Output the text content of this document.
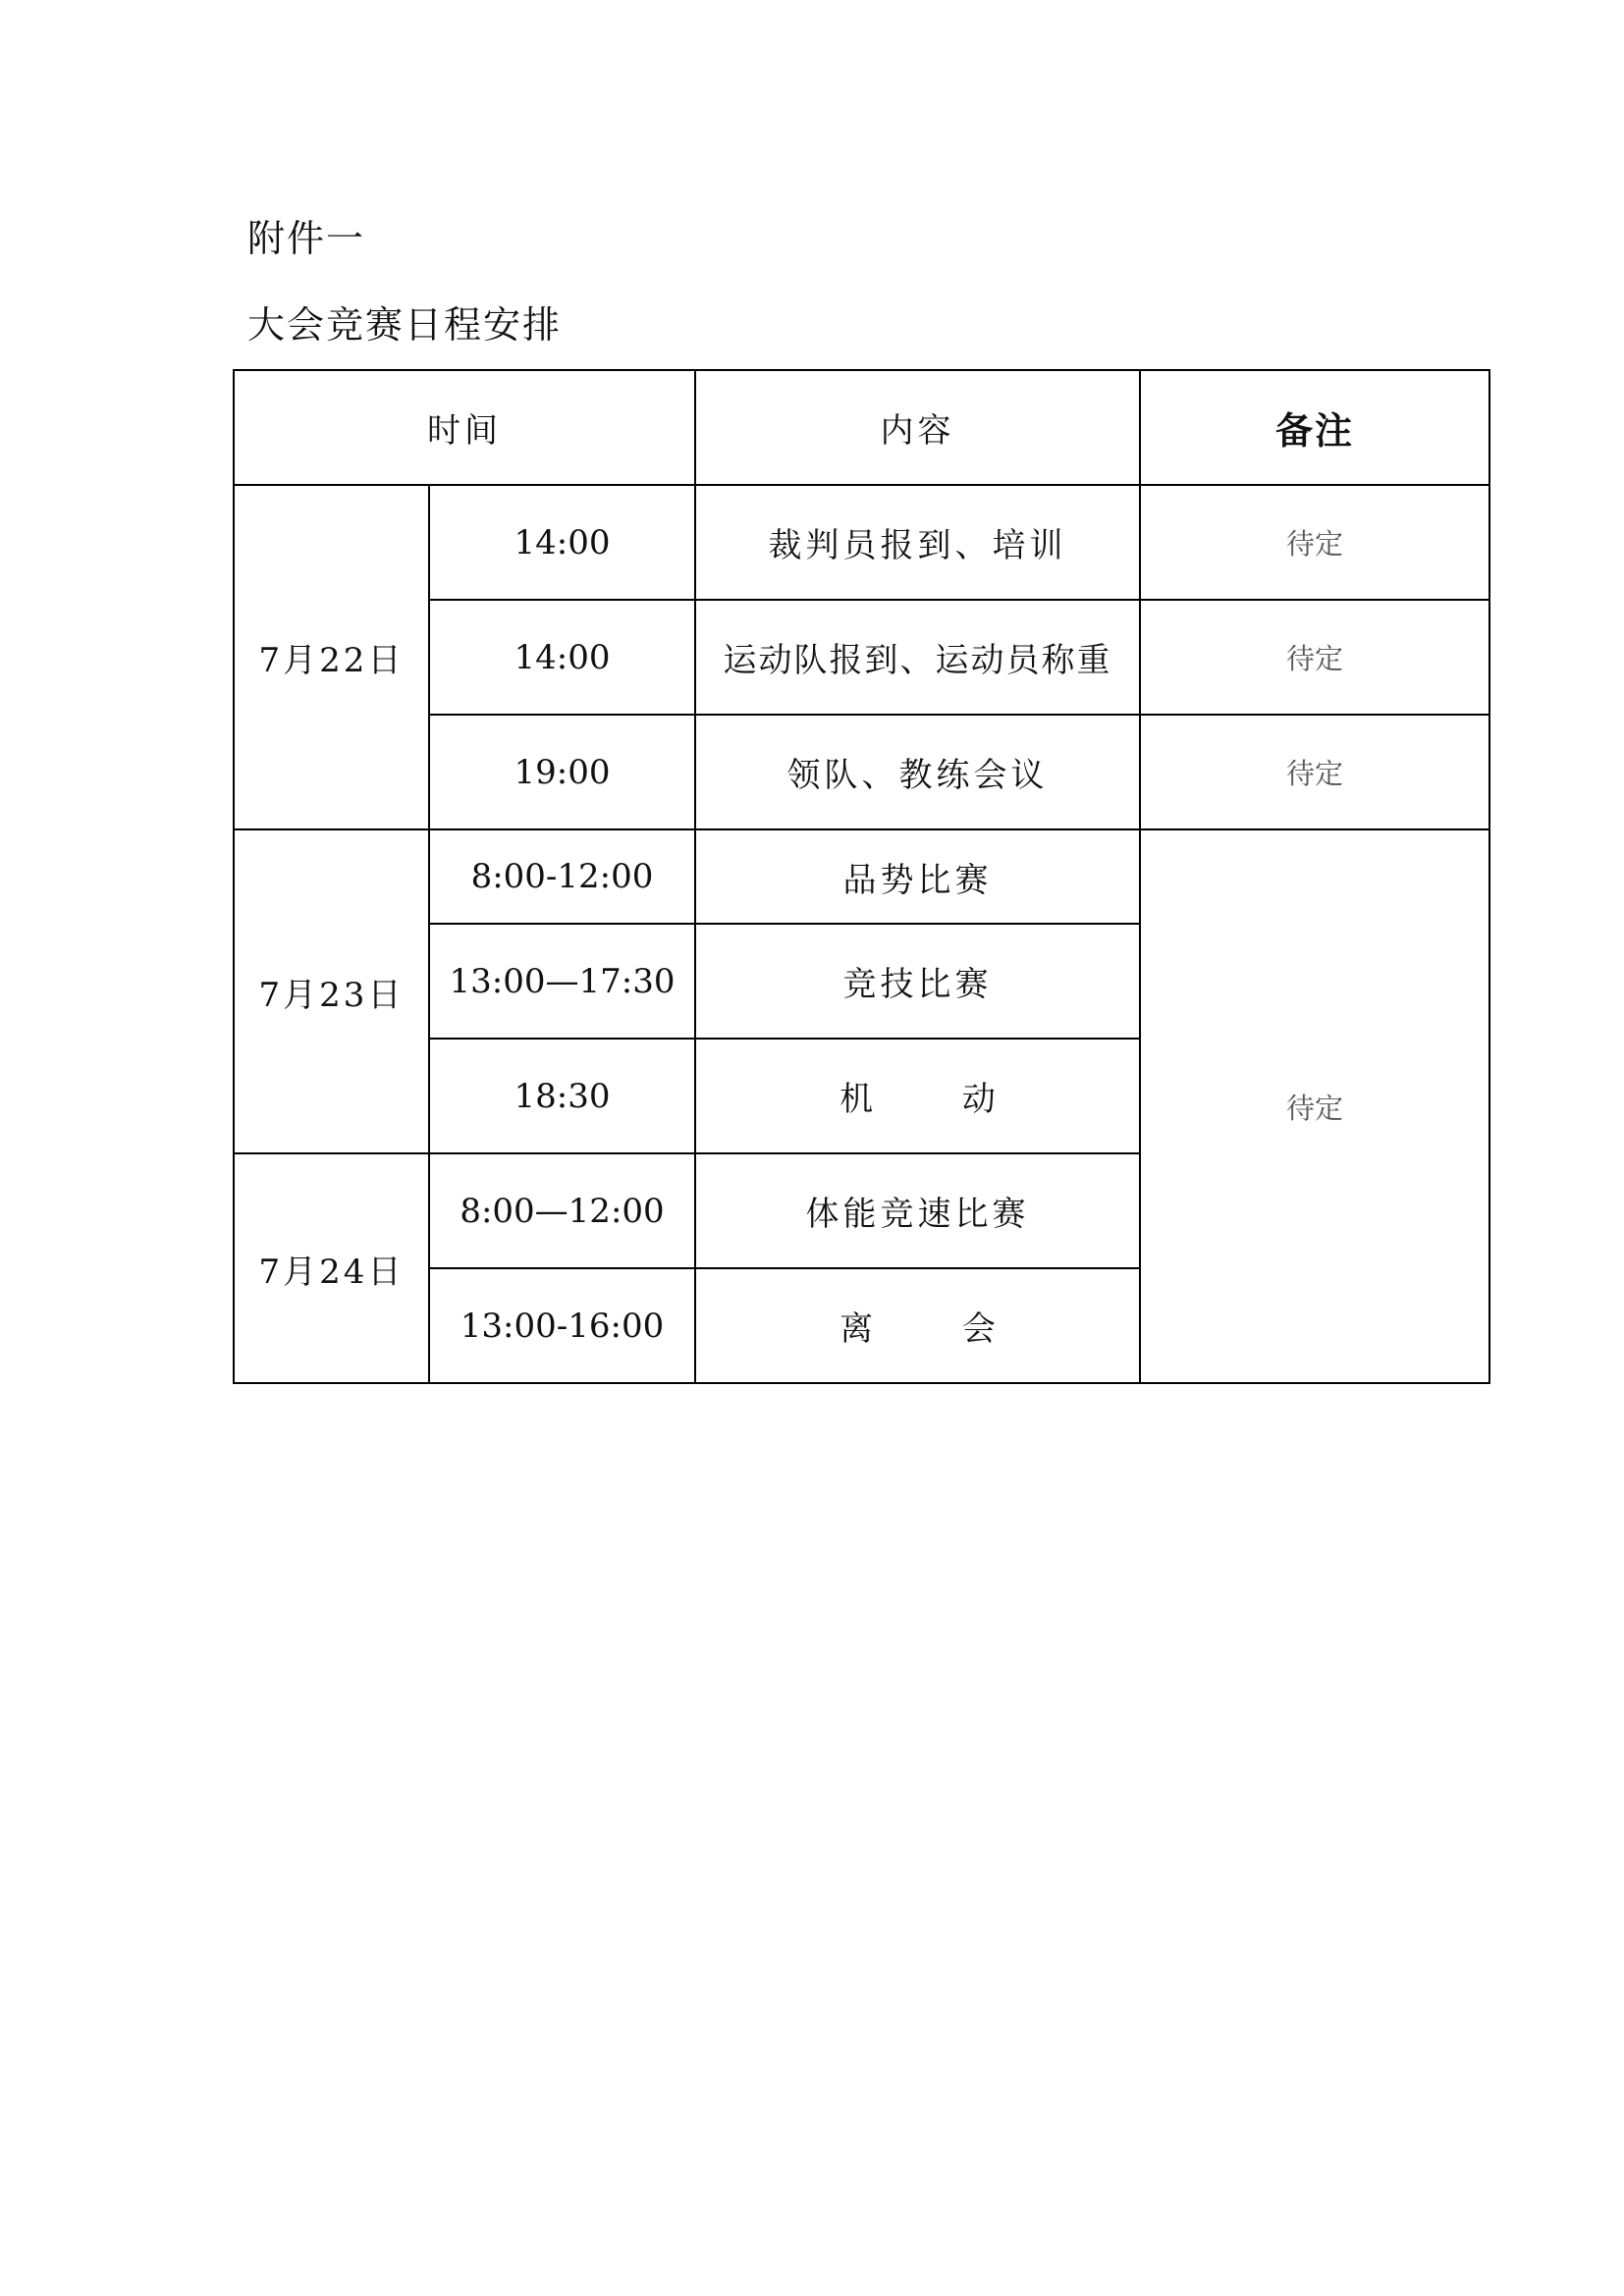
附件一
大会竞赛日程安排
时间		内容	备注
7月22日	14:00	裁判员报到、培训	待定
	14:00	运动队报到、运动员称重	待定
	19:00	领队、教练会议	待定
7月23日	8:00-12:00	品势比赛	待定
	13:00—17:30	竞技比赛	
	18:30	机 动	
7月24日	8:00—12:00	体能竞速比赛	
	13:00-16:00	离 会	
